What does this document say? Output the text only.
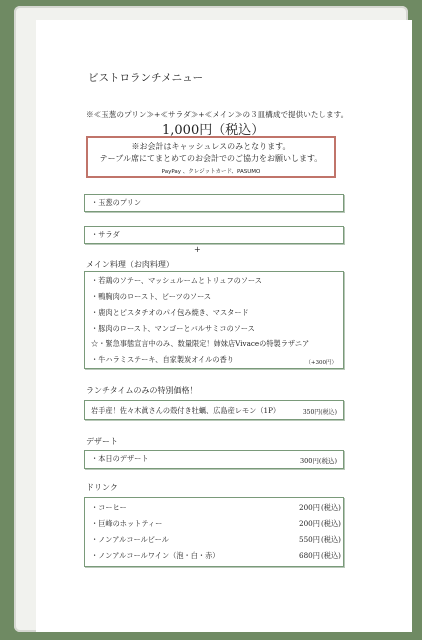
ビストロランチメニュー
※≪玉葱のプリン≫+≪サラダ≫+≪メイン≫の３皿構成で提供いたします。
1,000円（税込）
※お会計はキャッシュレスのみとなります。
テーブル席にてまとめてのお会計でのご協力をお願いします。
PayPay 、クレジットカード、PASUMO
・玉葱のプリン
・サラダ
+
メイン料理（お肉料理）
・若鶏のソテー、マッシュルームとトリュフのソース
・鴨胸肉のロースト、ビーツのソース
・鹿肉とピスタチオのパイ包み焼き、マスタード
・豚肉のロースト、マンゴーとバルサミコのソース
☆・緊急事態宣言中のみ、数量限定！姉妹店Vivaceの特製ラザニア
・牛ハラミステーキ、自家製炭オイルの香り	（+300円）
ランチタイムのみの特別価格！
岩手産！佐々木眞さんの殻付き牡蠣、広島産レモン（1P）	350円(税込)
デザート
・本日のデザート	300円(税込)
ドリンク
・コーヒー	200円 (税込)
・巨峰のホットティー	200円 (税込)
・ノンアルコールビール	550円 (税込)
・ノンアルコールワイン（泡・白・赤）	680円 (税込)
